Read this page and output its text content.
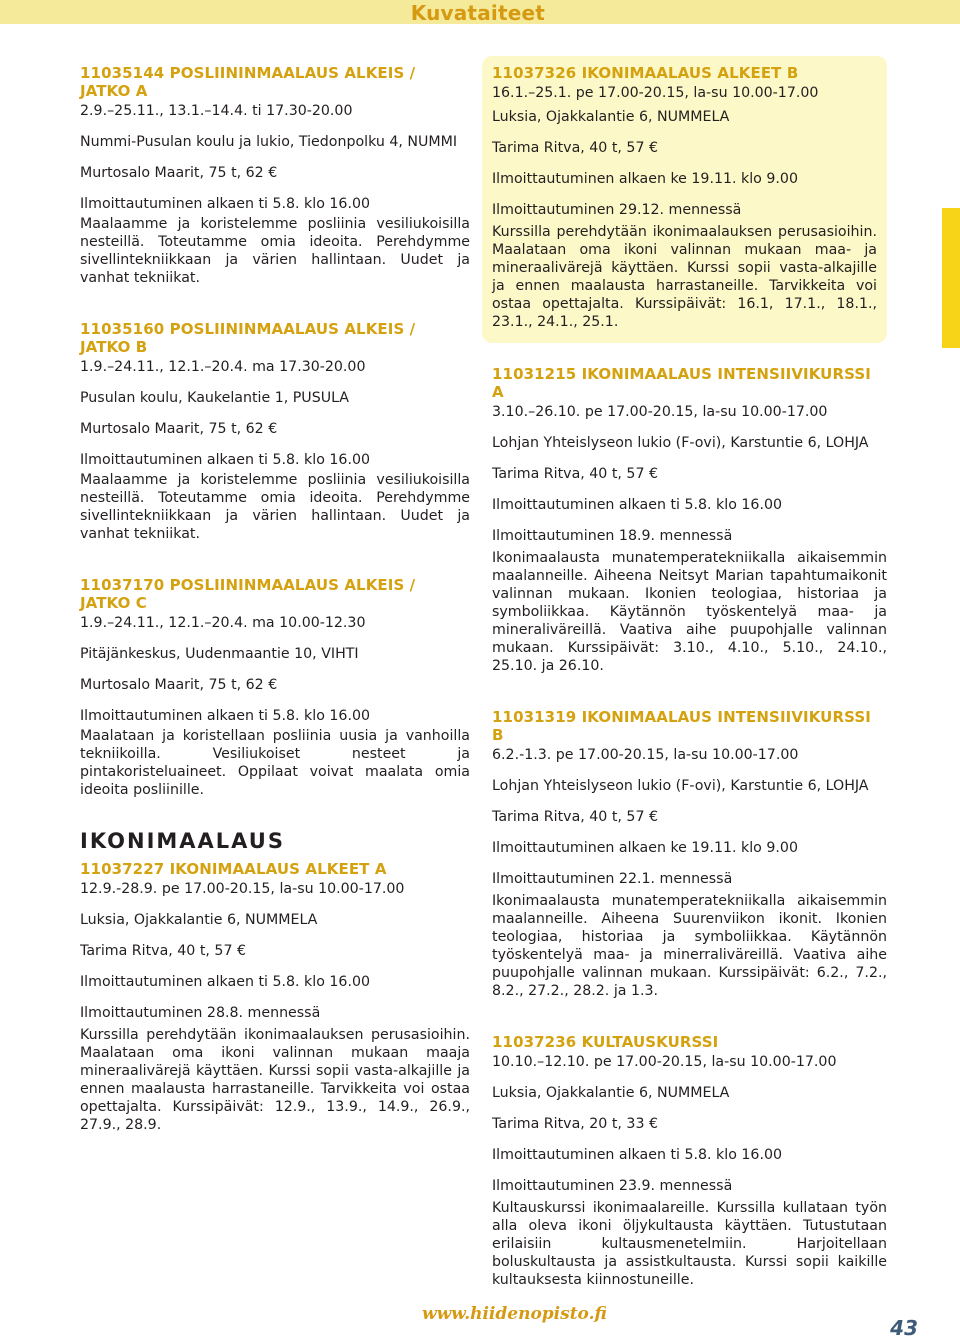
Kuvataiteet
11035144 POSLIININMAALAUS ALKEIS / JATKO A
2.9.–25.11., 13.1.–14.4. ti 17.30-20.00
Nummi-Pusulan koulu ja lukio, Tiedonpolku 4, NUMMI
Murtosalo Maarit, 75 t, 62 €
Ilmoittautuminen alkaen ti 5.8. klo 16.00

Maalaamme ja koristelemme posliinia vesiliukoisilla nesteillä. Toteutamme omia ideoita. Perehdymme sivellintekniikkaan ja värien hallintaan. Uudet ja vanhat tekniikat.

11035160 POSLIININMAALAUS ALKEIS / JATKO B
1.9.–24.11., 12.1.–20.4. ma 17.30-20.00
Pusulan koulu, Kaukelantie 1, PUSULA
Murtosalo Maarit, 75 t, 62 €
Ilmoittautuminen alkaen ti 5.8. klo 16.00

Maalaamme ja koristelemme posliinia vesiliukoisilla nesteillä. Toteutamme omia ideoita. Perehdymme sivellintekniikkaan ja värien hallintaan. Uudet ja vanhat tekniikat.

11037170 POSLIININMAALAUS ALKEIS / JATKO C
1.9.–24.11., 12.1.–20.4. ma 10.00-12.30
Pitäjänkeskus, Uudenmaantie 10, VIHTI
Murtosalo Maarit, 75 t, 62 €
Ilmoittautuminen alkaen ti 5.8. klo 16.00

Maalataan ja koristellaan posliinia uusia ja vanhoilla tekniikoilla. Vesiliukoiset nesteet ja pintakoristeluaineet. Oppilaat voivat maalata omia ideoita posliinille.

IKONIMAALAUS
11037227 IKONIMAALAUS ALKEET A
12.9.-28.9. pe 17.00-20.15, la-su 10.00-17.00
Luksia, Ojakkalantie 6, NUMMELA
Tarima Ritva, 40 t, 57 €
Ilmoittautuminen alkaen ti 5.8. klo 16.00
Ilmoittautuminen 28.8. mennessä

Kurssilla perehdytään ikonimaalauksen perusasioihin. Maalataan oma ikoni valinnan mukaan maaja mineraalivärejä käyttäen. Kurssi sopii vasta-alkajille ja ennen maalausta harrastaneille. Tarvikkeita voi ostaa opettajalta. Kurssipäivät: 12.9., 13.9., 14.9., 26.9., 27.9., 28.9.

11037326 IKONIMAALAUS ALKEET B
16.1.–25.1. pe 17.00-20.15, la-su 10.00-17.00
Luksia, Ojakkalantie 6, NUMMELA
Tarima Ritva, 40 t, 57 €
Ilmoittautuminen alkaen ke 19.11. klo 9.00
Ilmoittautuminen 29.12. mennessä

Kurssilla perehdytään ikonimaalauksen perusasioihin. Maalataan oma ikoni valinnan mukaan maa- ja mineraalivärejä käyttäen. Kurssi sopii vasta-alkajille ja ennen maalausta harrastaneille. Tarvikkeita voi ostaa opettajalta. Kurssipäivät: 16.1, 17.1., 18.1., 23.1., 24.1., 25.1.

11031215 IKONIMAALAUS INTENSIIVIKURSSI A
3.10.–26.10. pe 17.00-20.15, la-su 10.00-17.00
Lohjan Yhteislyseon lukio (F-ovi), Karstuntie 6, LOHJA
Tarima Ritva, 40 t, 57 €
Ilmoittautuminen alkaen ti 5.8. klo 16.00
Ilmoittautuminen 18.9. mennessä

Ikonimaalausta munatemperatekniikalla aikaisemmin maalanneille. Aiheena Neitsyt Marian tapahtumaikonit valinnan mukaan. Ikonien teologiaa, historiaa ja symboliikkaa. Käytännön työskentelyä maa- ja mineraliväreillä. Vaativa aihe puupohjalle valinnan mukaan. Kurssipäivät: 3.10., 4.10., 5.10., 24.10., 25.10. ja 26.10.

11031319 IKONIMAALAUS INTENSIIVIKURSSI B
6.2.-1.3. pe 17.00-20.15, la-su 10.00-17.00
Lohjan Yhteislyseon lukio (F-ovi), Karstuntie 6, LOHJA
Tarima Ritva, 40 t, 57 €
Ilmoittautuminen alkaen ke 19.11. klo 9.00
Ilmoittautuminen 22.1. mennessä

Ikonimaalausta munatemperatekniikalla aikaisemmin maalanneille. Aiheena Suurenviikon ikonit. Ikonien teologiaa, historiaa ja symboliikkaa. Käytännön työskentelyä maa- ja minerraliväreillä. Vaativa aihe puupohjalle valinnan mukaan. Kurssipäivät: 6.2., 7.2., 8.2., 27.2., 28.2. ja 1.3.

11037236 KULTAUSKURSSI
10.10.–12.10. pe 17.00-20.15, la-su 10.00-17.00
Luksia, Ojakkalantie 6, NUMMELA
Tarima Ritva, 20 t, 33 €
Ilmoittautuminen alkaen ti 5.8. klo 16.00
Ilmoittautuminen 23.9. mennessä

Kultauskurssi ikonimaalareille. Kurssilla kullataan työn alla oleva ikoni öljykultausta käyttäen. Tutustutaan erilaisiin kultausmenetelmiin. Harjoitellaan boluskultausta ja assistkultausta. Kurssi sopii kaikille kultauksesta kiinnostuneille.

www.hiidenopisto.fi
43
